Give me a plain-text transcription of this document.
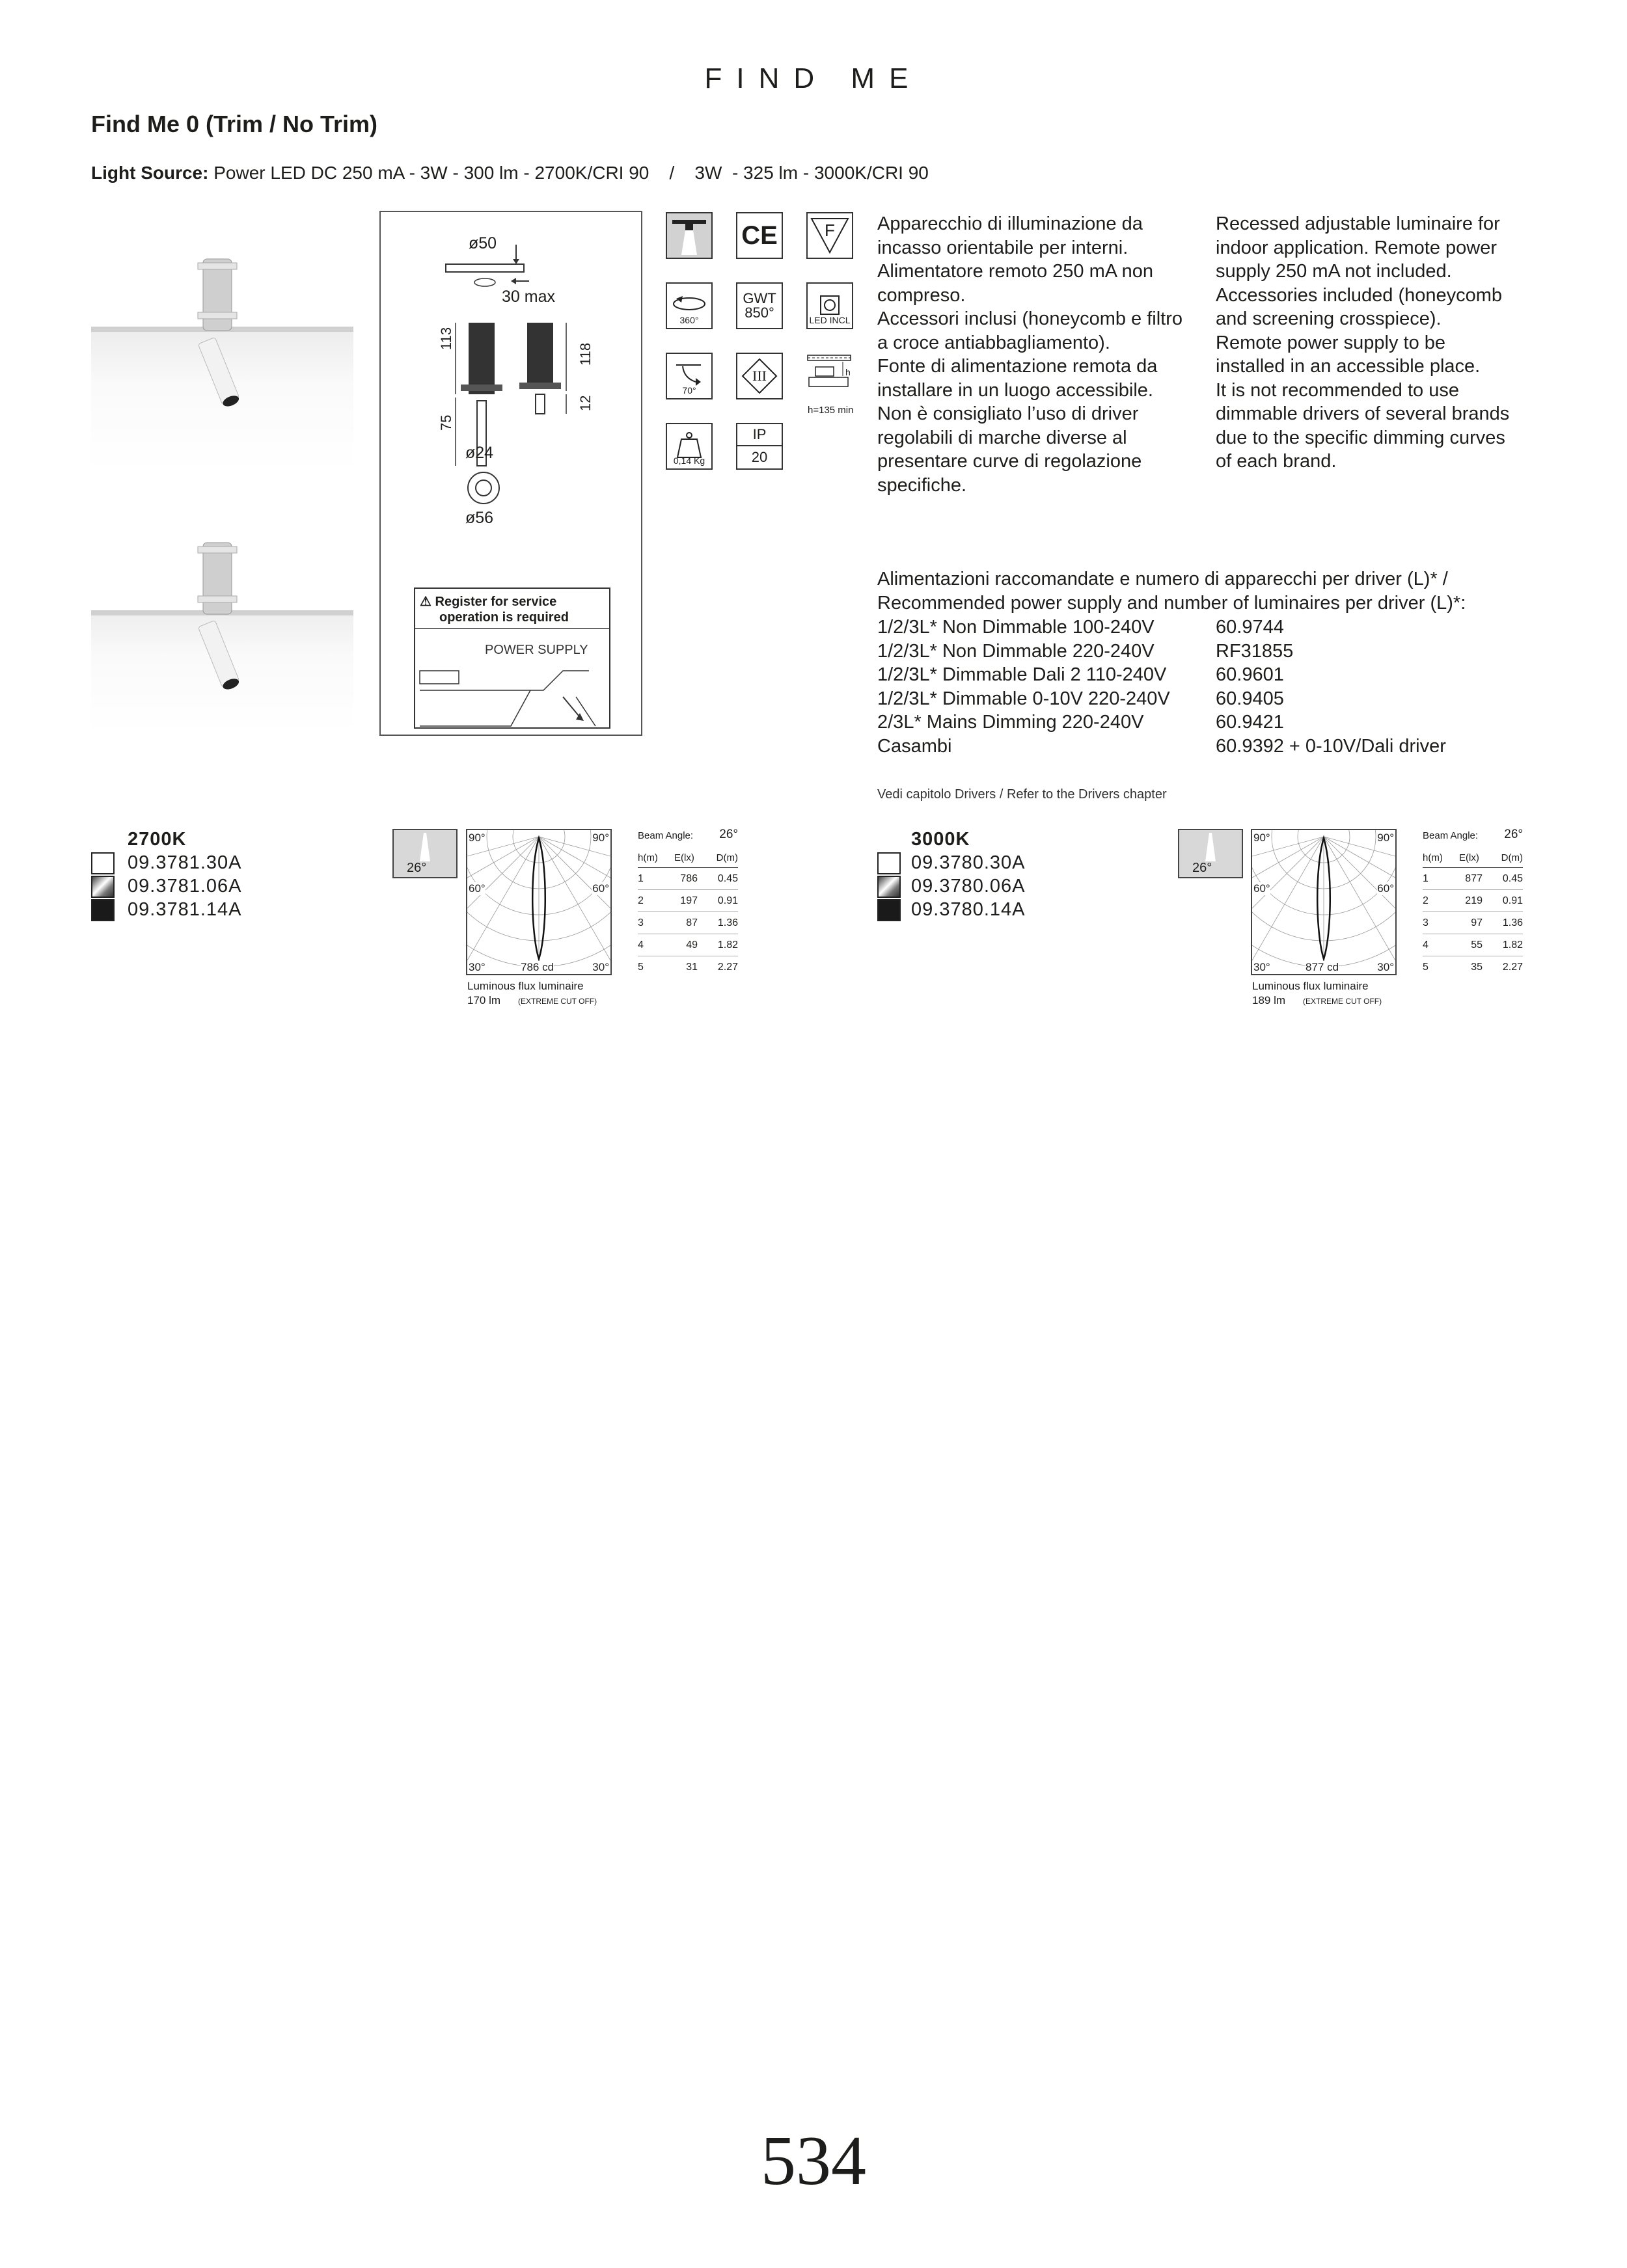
FIND ME
Find Me 0 (Trim / No Trim)
Light Source: Power LED DC 250 mA - 3W - 300 lm - 2700K/CRI 90    /    3W  - 325 lm - 3000K/CRI 90
ø50
30 max
113
75
118
12
ø24
ø56
⚠ Register for service
operation is required
POWER SUPPLY
CE	F
360°
GWT
850°	LED INCL
70°
III	h
h=135 min
0,14 Kg
IP
20
Apparecchio di illuminazione da
incasso orientabile per interni.
Alimentatore remoto 250 mA non
compreso.
Accessori inclusi (honeycomb e filtro
a croce antiabbagliamento).
Fonte di alimentazione remota da
installare in un luogo accessibile.
Non è consigliato l’uso di driver
regolabili di marche diverse al
presentare curve di regolazione
specifiche.
Recessed adjustable luminaire for
indoor application. Remote power
supply 250 mA not included.
Accessories included (honeycomb
and screening crosspiece).
Remote power supply to be
installed in an accessible place.
It is not recommended to use
dimmable drivers of several brands
due to the specific dimming curves
of each brand.
Alimentazioni raccomandate e numero di apparecchi per driver (L)* /
Recommended power supply and number of luminaires per driver (L)*:
1/2/3L* Non Dimmable 100-240V	60.9744
1/2/3L* Non Dimmable 220-240V	RF31855
1/2/3L* Dimmable Dali 2 110-240V	60.9601
1/2/3L* Dimmable 0-10V 220-240V 60.9405
2/3L* Mains Dimming 220-240V	60.9421
Casambi	60.9392 + 0-10V/Dali driver
Vedi capitolo Drivers / Refer to the Drivers chapter
2700K
09.3781.30A
09.3781.06A
09.3781.14A
26°
90°	90°
60°	60°
30°	30°
786 cd
Luminous flux luminaire
170 lm (EXTREME CUT OFF)
Beam Angle: 26°
h(m) E(lx) D(m)
1	786 0.45
2	197 0.91
3	87 1.36
4	49 1.82
5	31 2.27
3000K
09.3780.30A
09.3780.06A
09.3780.14A
26°
90°	90°
60°	60°
30°	30°
877 cd
Luminous flux luminaire
189 lm (EXTREME CUT OFF)
Beam Angle: 26°
h(m) E(lx) D(m)
1	877 0.45
2	219 0.91
3	97 1.36
4	55 1.82
5	35 2.27
534
